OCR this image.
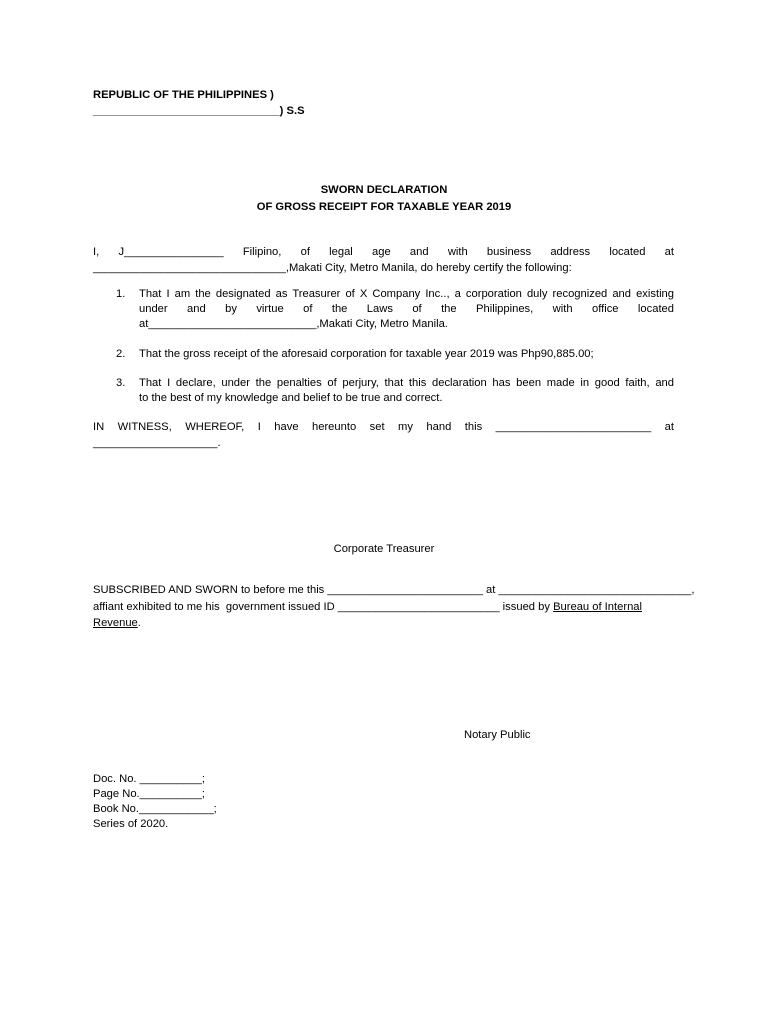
REPUBLIC OF THE PHILIPPINES )
______________________________) S.S
SWORN DECLARATION
OF GROSS RECEIPT FOR TAXABLE YEAR 2019
I, J________________ Filipino, of legal age and with business address located at
_______________________________,Makati City, Metro Manila, do hereby certify the following:
1. That I am the designated as Treasurer of X Company Inc.., a corporation duly recognized and existing
under and by virtue of the Laws of the Philippines, with office located
at___________________________,Makati City, Metro Manila.
2. That the gross receipt of the aforesaid corporation for taxable year 2019 was Php90,885.00;
3. That I declare, under the penalties of perjury, that this declaration has been made in good faith, and
to the best of my knowledge and belief to be true and correct.
IN WITNESS, WHEREOF, I have hereunto set my hand this _________________________ at
____________________.
Corporate Treasurer
SUBSCRIBED AND SWORN to before me this _________________________ at _______________________________,
affiant exhibited to me his  government issued ID __________________________ issued by Bureau of Internal
Revenue.
Notary Public
Doc. No. __________;
Page No.__________;
Book No.____________;
Series of 2020.
